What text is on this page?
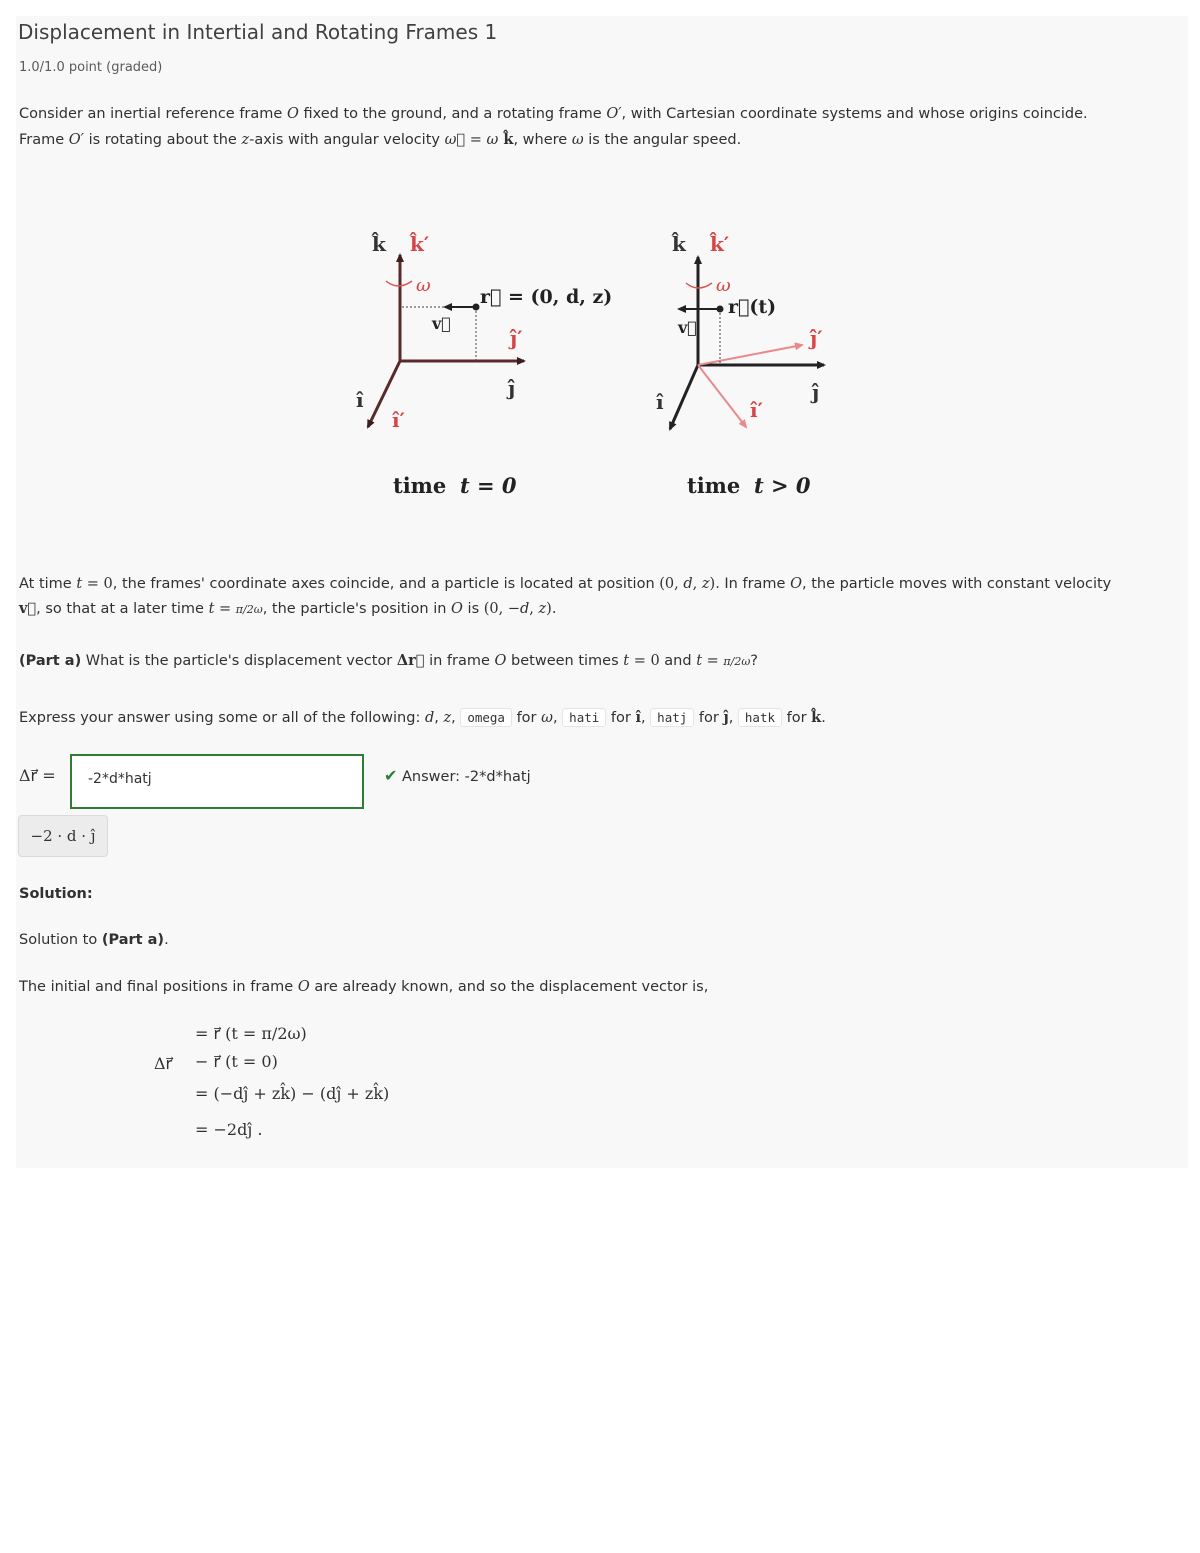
Displacement in Intertial and Rotating Frames 1
1.0/1.0 point (graded)
Consider an inertial reference frame O fixed to the ground, and a rotating frame O′, with Cartesian coordinate systems and whose origins coincide.
Frame O′ is rotating about the z-axis with angular velocity ω⃗ = ω k̂, where ω is the angular speed.
k̂ k̂′
ω
r⃗ = (0, d, z)
v⃗
ĵ′
ĵ
î
î′
time t = 0
k̂ k̂′
ω
r⃗(t)
v⃗	ĵ′
ĵ
î	î′
time t > 0
At time t = 0, the frames' coordinate axes coincide, and a particle is located at position (0, d, z). In frame O, the particle moves with constant velocity
v⃗, so that at a later time t = π/2ω, the particle's position in O is (0, −d, z).
(Part a) What is the particle's displacement vector Δr⃗ in frame O between times t = 0 and t = π/2ω?
Express your answer using some or all of the following: d, z, omega for ω, hati for î, hatj for ĵ, hatk for k̂.
Δr⃗ =
-2*d*hatj	✔ Answer: -2*d*hatj
−2 · d · ĵ
Solution:
Solution to (Part a).
The initial and final positions in frame O are already known, and so the displacement vector is,
Δr⃗
= r⃗ (t = π/2ω)
− r⃗ (t = 0)
= (−dĵ + zk̂) − (dĵ + zk̂)
= −2dĵ .
